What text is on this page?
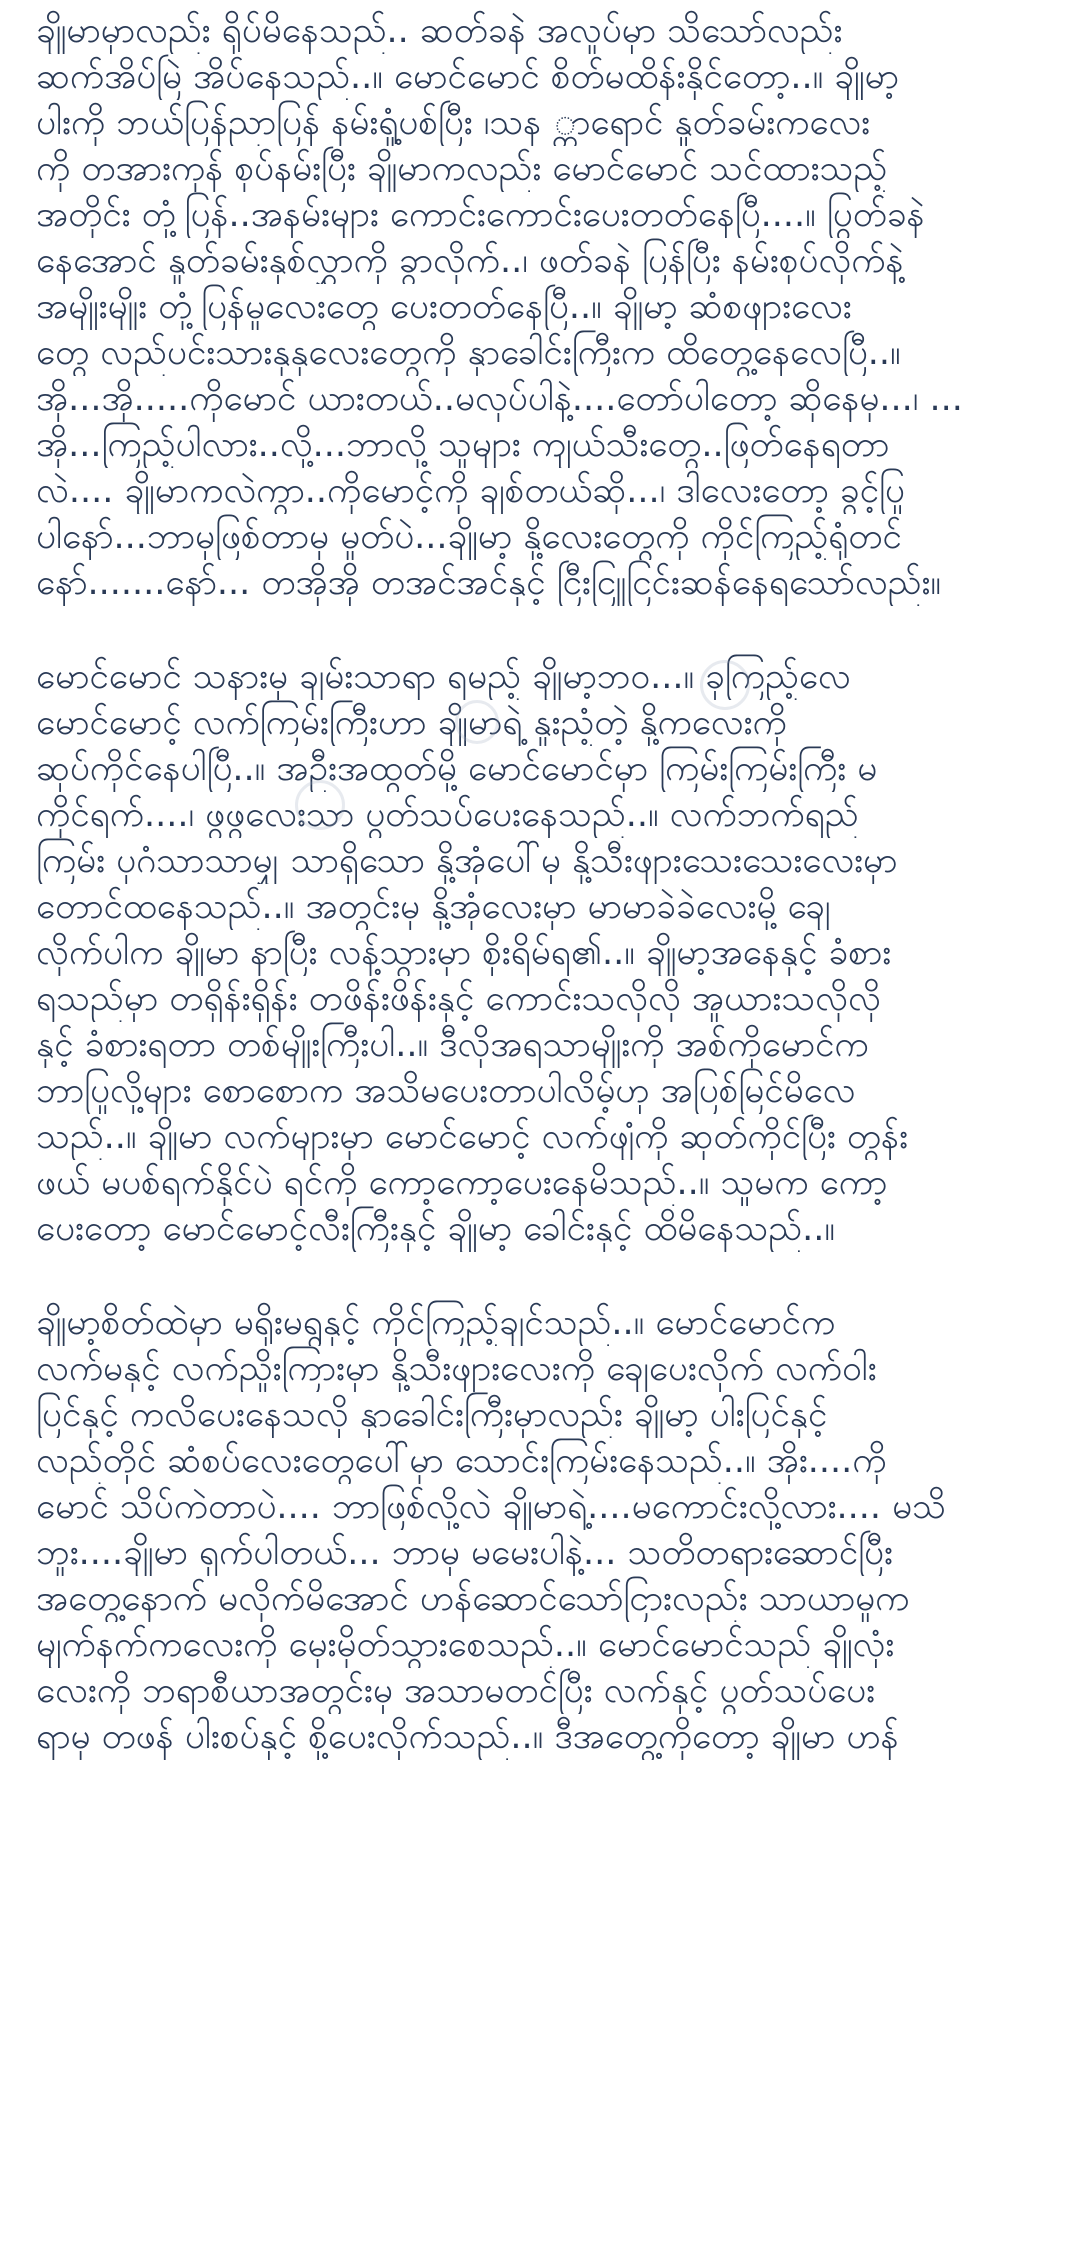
ချိုမာမှာလည်း ရိုပ်မိနေသည်.. ဆတ်ခနဲ အလှုပ်မှာ သိသော်လည်း
ဆက်အိပ်မြဲ အိပ်နေသည်..။ မောင်မောင် စိတ်မထိန်းနိုင်တော့..။ ချိုမာ့
ပါးကို ဘယ်ပြန်ညာပြန် နမ်းရှုံ့ပစ်ပြီး ၊သန ္တာရောင် နှုတ်ခမ်းကလေး
ကို တအားကုန် စုပ်နမ်းပြီး ချိုမာကလည်း မောင်မောင် သင်ထားသည့်
အတိုင်း တုံ့ပြန်..အနမ်းများ ကောင်းကောင်းပေးတတ်နေပြီ....။ ပြွတ်ခနဲ
နေအောင် နှုတ်ခမ်းနှစ်လွှာကို ခွာလိုက်..၊ ဖတ်ခနဲ ပြန်ပြီး နမ်းစုပ်လိုက်နဲ့
အမျိုးမျိုး တုံ့ပြန်မှုလေးတွေ ပေးတတ်နေပြီ..။ ချိုမာ့ ဆံစဖျားလေး
တွေ လည်ပင်းသားနုနုလေးတွေကို နှာခေါင်းကြီးက ထိတွေ့နေလေပြီ..။
အို...အို.....ကိုမောင် ယားတယ်..မလုပ်ပါနဲ့....တော်ပါတော့ ဆိုနေမှ...၊ ...
အို...ကြည့်ပါလား..လို့...ဘာလို့ သူများ ကျယ်သီးတွေ..ဖြတ်နေရတာ
လဲ.... ချိုမာကလဲကွာ..ကိုမောင့်ကို ချစ်တယ်ဆို...၊ ဒါလေးတော့ ခွင့်ပြု
ပါနော်...ဘာမှဖြစ်တာမှ မှုတ်ပဲ...ချိုမာ့ နို့လေးတွေကို ကိုင်ကြည့်ရုံတင်
နော်.......နော်... တအိုအို တအင်အင်နှင့် ငြီးငြူငြင်းဆန်နေရသော်လည်း။
မောင်မောင် သနားမှ ချမ်းသာရာ ရမည့် ချိုမာ့ဘဝ...။ ခုကြည့်လေ
မောင်မောင့် လက်ကြမ်းကြီးဟာ ချိုမာရဲ့ နူးညံ့တဲ့ နို့ကလေးကို
ဆုပ်ကိုင်နေပါပြီ..။ အဦးအထွတ်မို့ မောင်မောင်မှာ ကြမ်းကြမ်းကြီး မ
ကိုင်ရက်....၊ ဖွဖွလေးသာ ပွတ်သပ်ပေးနေသည်..။ လက်ဘက်ရည်
ကြမ်း ပုဂံသာသာမျှ သာရှိသော နို့အုံပေါ်မှ နို့သီးဖျားသေးသေးလေးမှာ
တောင်ထနေသည်..။ အတွင်းမှ နို့အုံလေးမှာ မာမာခဲခဲလေးမို့ ချေ
လိုက်ပါက ချိုမာ နာပြီး လန့်သွားမှာ စိုးရိမ်ရ၏..။ ချိုမာ့အနေနှင့် ခံစား
ရသည်မှာ တရှိန်းရှိန်း တဖိန်းဖိန်းနှင့် ကောင်းသလိုလို အူယားသလိုလို
နှင့် ခံစားရတာ တစ်မျိုးကြီးပါ..။ ဒီလိုအရသာမျိုးကို အစ်ကိုမောင်က
ဘာပြုလို့များ စောစောက အသိမပေးတာပါလိမ့်ဟု အပြစ်မြင်မိလေ
သည်..။ ချိုမာ လက်များမှာ မောင်မောင့် လက်ဖျံကို ဆုတ်ကိုင်ပြီး တွန်း
ဖယ် မပစ်ရက်နိုင်ပဲ ရင်ကို ကော့ကော့ပေးနေမိသည်..။ သူမက ကော့
ပေးတော့ မောင်မောင့်လီးကြီးနှင့် ချိုမာ့ ခေါင်းနှင့် ထိမိနေသည်..။
ချိုမာ့စိတ်ထဲမှာ မရိုးမရွနှင့် ကိုင်ကြည့်ချင်သည်..။ မောင်မောင်က
လက်မနှင့် လက်ညှိုးကြားမှာ နို့သီးဖျားလေးကို ချေပေးလိုက် လက်ဝါး
ပြင်နှင့် ကလိပေးနေသလို နှာခေါင်းကြီးမှာလည်း ချိုမာ့ ပါးပြင်နှင့်
လည်တိုင် ဆံစပ်လေးတွေပေါ်မှာ သောင်းကြမ်းနေသည်..။ အိုး....ကို
မောင် သိပ်ကဲတာပဲ.... ဘာဖြစ်လို့လဲ ချိုမာရဲ့....မကောင်းလို့လား.... မသိ
ဘူး....ချိုမာ ရှက်ပါတယ်... ဘာမှ မမေးပါနဲ့... သတိတရားဆောင်ပြီး
အတွေ့နောက် မလိုက်မိအောင် ဟန်ဆောင်သော်ငြားလည်း သာယာမှုက
မျက်နက်ကလေးကို မှေးမှိတ်သွားစေသည်..။ မောင်မောင်သည် ချိုလုံး
လေးကို ဘရာစီယာအတွင်းမှ အသာမတင်ပြီး လက်နှင့် ပွတ်သပ်ပေး
ရာမှ တဖန် ပါးစပ်နှင့် စို့ပေးလိုက်သည်..။ ဒီအတွေ့ကိုတော့ ချိုမာ ဟန်
